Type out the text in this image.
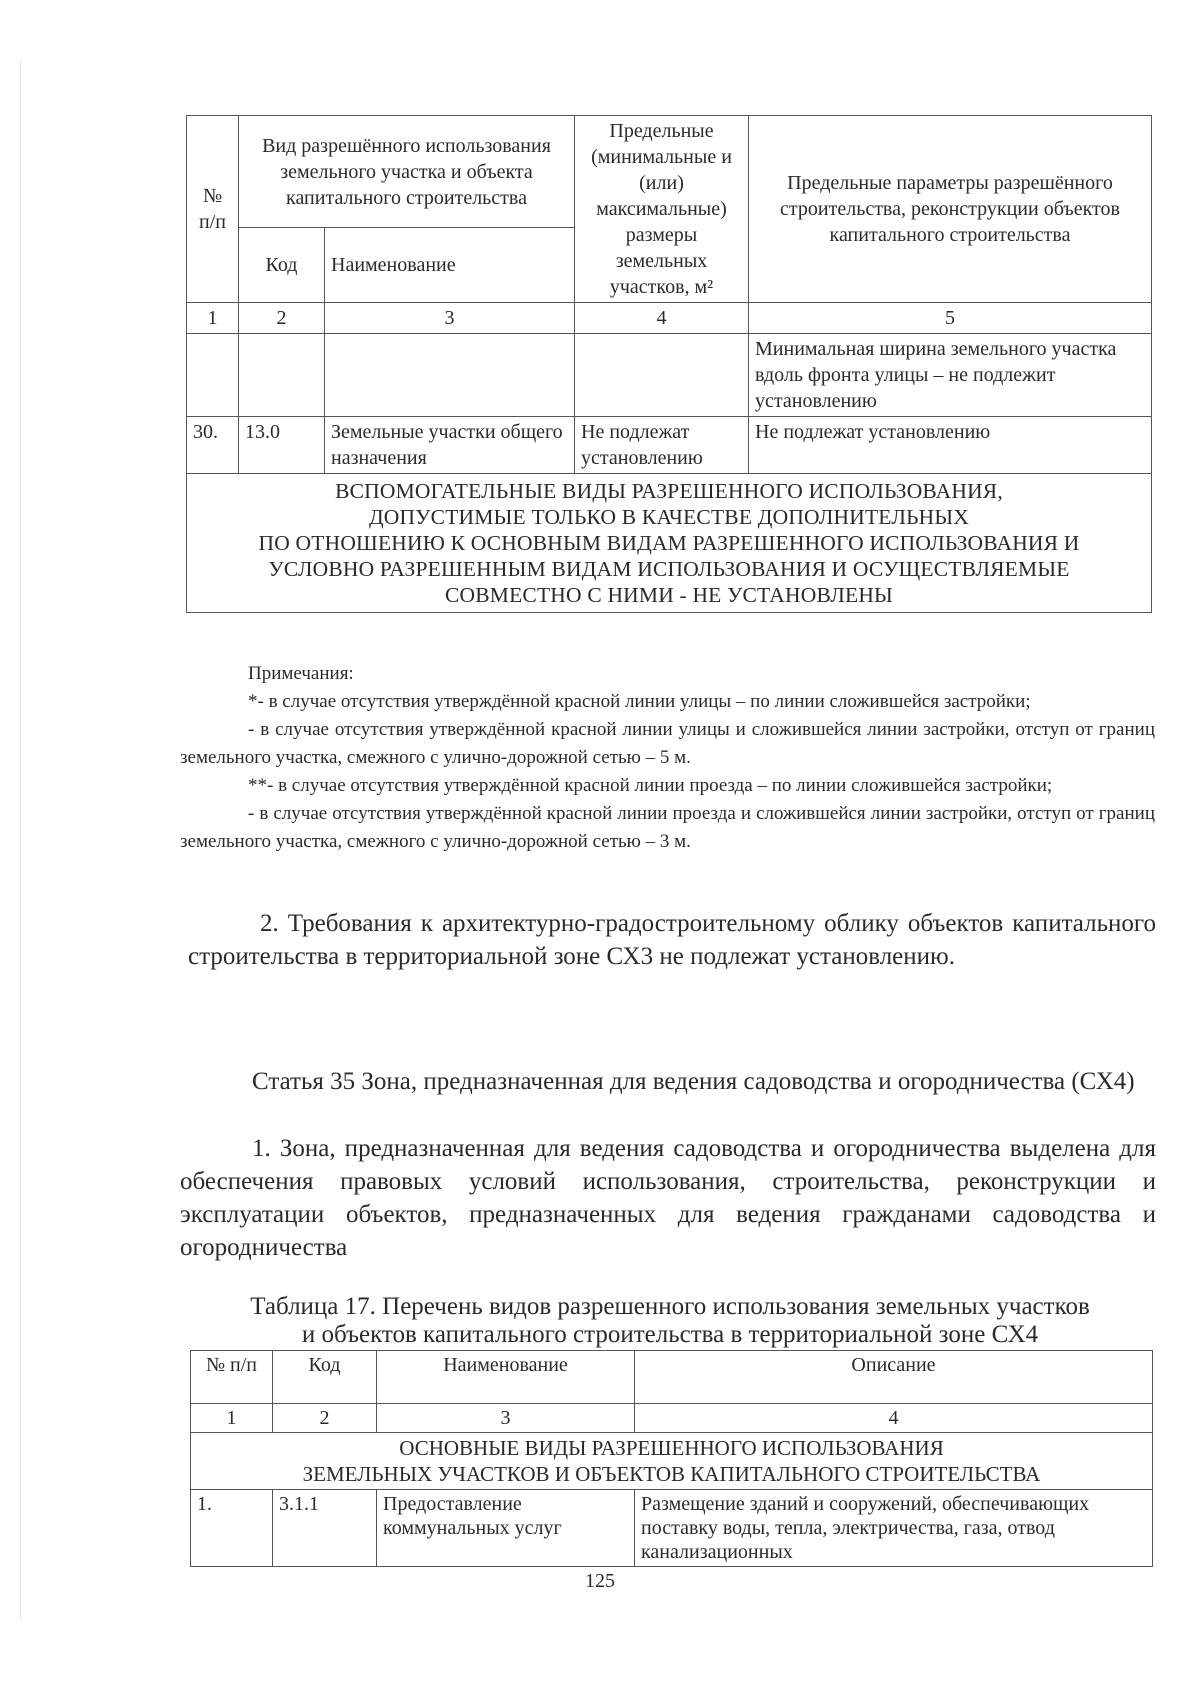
№ п/п	Вид разрешённого использования земельного участка и объекта капитального строительства		Предельные (минимальные и (или) максимальные) размеры земельных участков, м²	Предельные параметры разрешённого строительства, реконструкции объектов капитального строительства
	Код	Наименование		
1	2	3	4	5
				Минимальная ширина земельного участка вдоль фронта улицы – не подлежит установлению
30.	13.0	Земельные участки общего назначения	Не подлежат установлению	Не подлежат установлению

ВСПОМОГАТЕЛЬНЫЕ ВИДЫ РАЗРЕШЕННОГО ИСПОЛЬЗОВАНИЯ,
ДОПУСТИМЫЕ ТОЛЬКО В КАЧЕСТВЕ ДОПОЛНИТЕЛЬНЫХ
ПО ОТНОШЕНИЮ К ОСНОВНЫМ ВИДАМ РАЗРЕШЕННОГО ИСПОЛЬЗОВАНИЯ И
УСЛОВНО РАЗРЕШЕННЫМ ВИДАМ ИСПОЛЬЗОВАНИЯ И ОСУЩЕСТВЛЯЕМЫЕ
СОВМЕСТНО С НИМИ - НЕ УСТАНОВЛЕНЫ				

Примечания:

*- в случае отсутствия утверждённой красной линии улицы – по линии сложившейся застройки;

- в случае отсутствия утверждённой красной линии улицы и сложившейся линии застройки, отступ от границ земельного участка, смежного с улично-дорожной сетью – 5 м.

**- в случае отсутствия утверждённой красной линии проезда – по линии сложившейся застройки;

- в случае отсутствия утверждённой красной линии проезда и сложившейся линии застройки, отступ от границ земельного участка, смежного с улично-дорожной сетью – 3 м.

2. Требования к архитектурно-градостроительному облику объектов капитального строительства в территориальной зоне СХ3 не подлежат установлению.

Статья 35 Зона, предназначенная для ведения садоводства и огородничества (СХ4)

1. Зона, предназначенная для ведения садоводства и огородничества выделена для обеспечения правовых условий использования, строительства, реконструкции и эксплуатации объектов, предназначенных для ведения гражданами садоводства и огородничества

Таблица 17. Перечень видов разрешенного использования земельных участков
и объектов капитального строительства в территориальной зоне СХ4
№ п/п	Код	Наименование	Описание
1	2	3	4

ОСНОВНЫЕ ВИДЫ РАЗРЕШЕННОГО ИСПОЛЬЗОВАНИЯ
ЗЕМЕЛЬНЫХ УЧАСТКОВ И ОБЪЕКТОВ КАПИТАЛЬНОГО СТРОИТЕЛЬСТВА			

1.	3.1.1	Предоставление коммунальных услуг	Размещение зданий и сооружений, обеспечивающих поставку воды, тепла, электричества, газа, отвод канализационных
125
